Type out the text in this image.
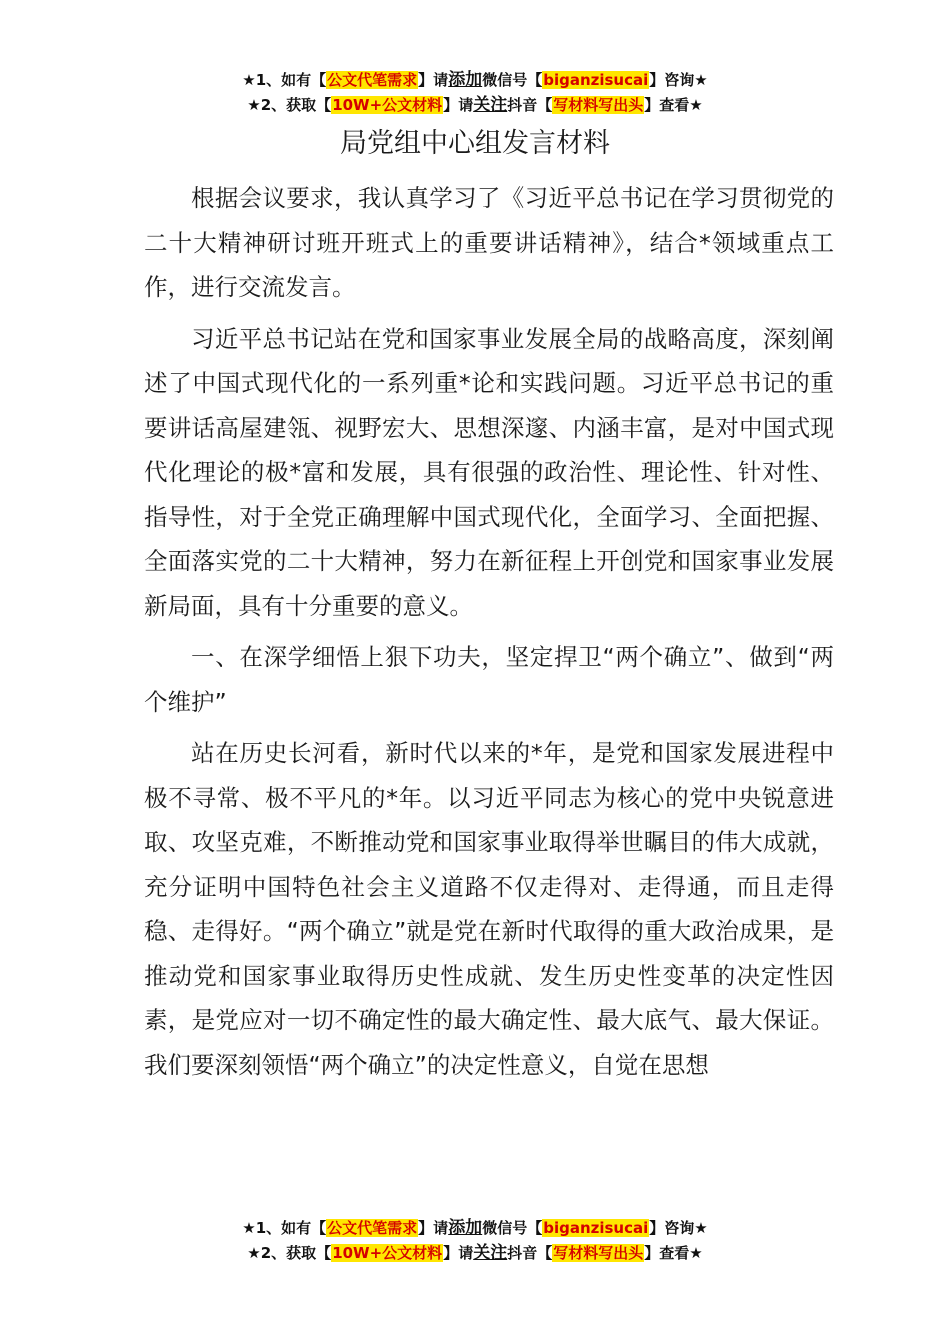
★1、如有【公文代笔需求】请添加微信号【biganzisucai】咨询★
★2、获取【10W+公文材料】请关注抖音【写材料写出头】查看★
局党组中心组发言材料

根据会议要求，我认真学习了《习近平总书记在学习贯彻党的二十大精神研讨班开班式上的重要讲话精神》，结合*领域重点工作，进行交流发言。

习近平总书记站在党和国家事业发展全局的战略高度，深刻阐述了中国式现代化的一系列重*论和实践问题。习近平总书记的重要讲话高屋建瓴、视野宏大、思想深邃、内涵丰富，是对中国式现代化理论的极*富和发展，具有很强的政治性、理论性、针对性、指导性，对于全党正确理解中国式现代化，全面学习、全面把握、全面落实党的二十大精神，努力在新征程上开创党和国家事业发展新局面，具有十分重要的意义。

一、在深学细悟上狠下功夫，坚定捍卫“两个确立”、做到“两个维护”

站在历史长河看，新时代以来的*年，是党和国家发展进程中极不寻常、极不平凡的*年。以习近平同志为核心的党中央锐意进取、攻坚克难，不断推动党和国家事业取得举世瞩目的伟大成就，充分证明中国特色社会主义道路不仅走得对、走得通，而且走得稳、走得好。“两个确立”就是党在新时代取得的重大政治成果，是推动党和国家事业取得历史性成就、发生历史性变革的决定性因素，是党应对一切不确定性的最大确定性、最大底气、最大保证。我们要深刻领悟“两个确立”的决定性意义，自觉在思想

★1、如有【公文代笔需求】请添加微信号【biganzisucai】咨询★
★2、获取【10W+公文材料】请关注抖音【写材料写出头】查看★
